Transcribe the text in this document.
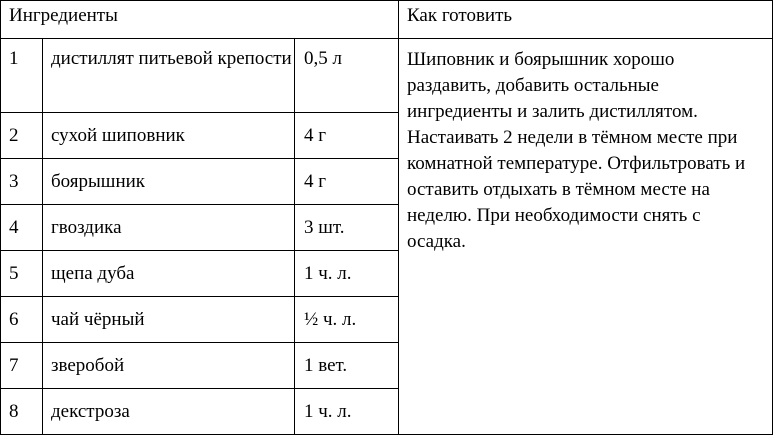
Ингредиенты			Как готовить
1	дистиллят питьевой крепости	0,5 л	Шиповник и боярышник хорошо раздавить, добавить остальные ингредиенты и залить дистиллятом. Настаивать 2 недели в тёмном месте при комнатной температуре. Отфильтровать и оставить отдыхать в тёмном месте на неделю. При необходимости снять с осадка.
2	сухой шиповник	4 г	
3	боярышник	4 г	
4	гвоздика	3 шт.	
5	щепа дуба	1 ч. л.	
6	чай чёрный	½ ч. л.	
7	зверобой	1 вет.	
8	декстроза	1 ч. л.	
